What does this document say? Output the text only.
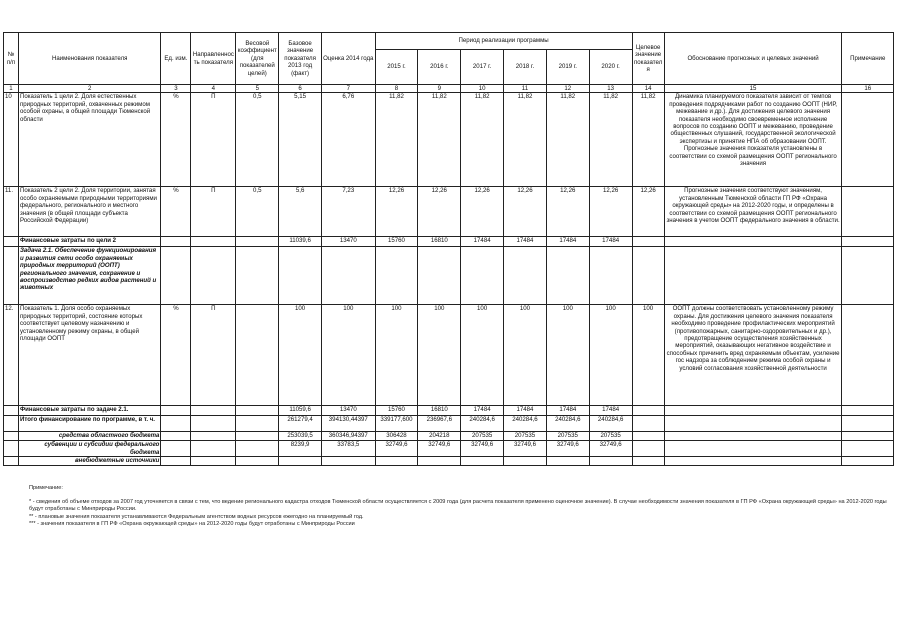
№ п/п	Наименования показателя	Ед. изм.	Направленность показателя	Весовой коэффициент (для показателей целей)	Базовое значение показателя 2013 год (факт)	Оценка 2014 года	Период реализации программы						Целевое значение показателя	Обоснование прогнозных и целевых значений	Примечание
							2015 г.	2016 г.	2017 г.	2018 г.	2019 г.	2020 г.			
1	2	3	4	5	6	7	8	9	10	11	12	13	14	15	16
10	Показатель 1 цели 2. Доля естественных природных территорий, охваченных режимом особой охраны, в общей площади Тюменской области	%	П	0,5	5,15	6,76	11,82	11,82	11,82	11,82	11,82	11,82	11,82	Динамика планируемого показателя зависит от темпов проведения подрядчиками работ по созданию ООПТ (НИР, межевание и др.). Для достижения целевого значения показателя необходимо своевременное исполнение вопросов по созданию ООПТ и межеванию, проведение общественных слушаний, государственной экологической экспертизы и принятие НПА об образовании ООПТ. Прогнозные значения показателя установлены в соответствии со схемой размещения ООПТ регионального значения	
11.	Показатель 2 цели 2. Доля территории, занятая особо охраняемыми природными территориями федерального, регионального и местного значения (в общей площади субъекта Российской Федерации)	%	П	0,5	5,6	7,23	12,26	12,26	12,26	12,26	12,26	12,26	12,26	Прогнозные значения соответствуют значениям, установленным Тюменской области ГП РФ «Охрана окружающей среды» на 2012-2020 годы, и определены в соответствии со схемой размещения ООПТ регионального значения в учетом ООПТ федерального значения в области.	
	Финансовые затраты по цели 2				11039,6	13470	15760	16810	17484	17484	17484	17484			
	Задача 2.1. Обеспечение функционирования и развития сети особо охраняемых природных территорий (ООПТ) регионального значения, сохранение и воспроизводство редких видов растений и животных														
12.	Показатель 1. Доля особо охраняемых природных территорий, состояние которых соответствует целевому назначению и установленному режиму охраны, в общей площади ООПТ	%	П		100	100	100	100	100	100	100	100	100	ООПТ должны соответствовать установленному режиму охраны. Для достижения целевого значения показателя необходимо проведение профилактических мероприятий (противопожарных, санитарно-оздоровительных и др.), предотвращение осуществления хозяйственных мероприятий, оказывающих негативное воздействие и способных причинить вред охраняемым объектам, усиление гос надзора за соблюдением режима особой охраны и условий согласования хозяйственной деятельности	
	Финансовые затраты по задаче 2.1.				11059,6	13470	15760	16810	17484	17484	17484	17484			
	Итого финансирование по программе, в т. ч.				261279,4	394130,44397	339177,600	236967,6	240284,6	240284,6	240284,6	240284,6			
	средства областного бюджета				253039,5	360346,94397	306428	204218	207535	207535	207535	207535			
	субвенции и субсидии федерального бюджета				8239,9	33783,5	32749,6	32749,6	32749,6	32749,6	32749,6	32749,6			
	внебюджетные источники														

Примечание:

* - сведения об объеме отходов за 2007 год уточняется в связи с тем, что ведение регионального кадастра отходов Тюменской области осуществляется с 2009 года (для расчета показателя применено оценочное значение). В случае необходимости значения показателя в ГП РФ «Охрана окружающей среды» на 2012-2020 годы будут отработаны с Минприроды России.

** - плановые значения показателя устанавливаются Федеральным агентством водных ресурсов ежегодно на планируемый год.

*** - значения показателя в ГП РФ «Охрана окружающей среды» на 2012-2020 годы будут отработаны с Минприроды России
